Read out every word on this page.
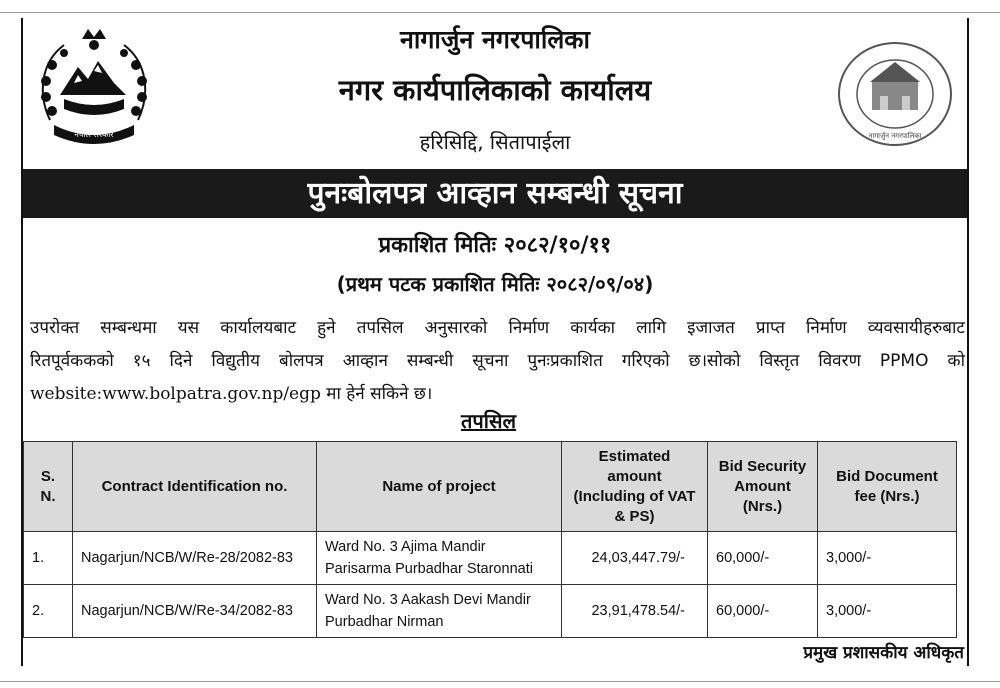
नेपाल सरकार	नागार्जुन नगरपालिका
नागार्जुन नगरपालिका
नगर कार्यपालिकाको कार्यालय
हरिसिद्दि, सितापाईला
पुनःबोलपत्र आव्हान सम्बन्धी सूचना
प्रकाशित मितिः २०८२/१०/११
(प्रथम पटक प्रकाशित मितिः २०८२/०९/०४)

उपरोक्त सम्बन्धमा यस कार्यालयबाट हुने तपसिल अनुसारको निर्माण कार्यका लागि इजाजत प्राप्त निर्माण व्यवसायीहरुबाट
रितपूर्वककको १५ दिने विद्युतीय बोलपत्र आव्हान सम्बन्धी सूचना पुनःप्रकाशित गरिएको छ।सोको विस्तृत विवरण PPMO को
website:www.bolpatra.gov.np/egp मा हेर्न सकिने छ।

तपसिल
S. N.	Contract Identification no.	Name of project	Estimated amount (Including of VAT & PS)	Bid Security Amount (Nrs.)	Bid Document fee (Nrs.)
1.	Nagarjun/NCB/W/Re-28/2082-83	Ward No. 3 Ajima Mandir Parisarma Purbadhar Staronnati	24,03,447.79/-	60,000/-	3,000/-
2.	Nagarjun/NCB/W/Re-34/2082-83	Ward No. 3 Aakash Devi Mandir Purbadhar Nirman	23,91,478.54/-	60,000/-	3,000/-
प्रमुख प्रशासकीय अधिकृत
